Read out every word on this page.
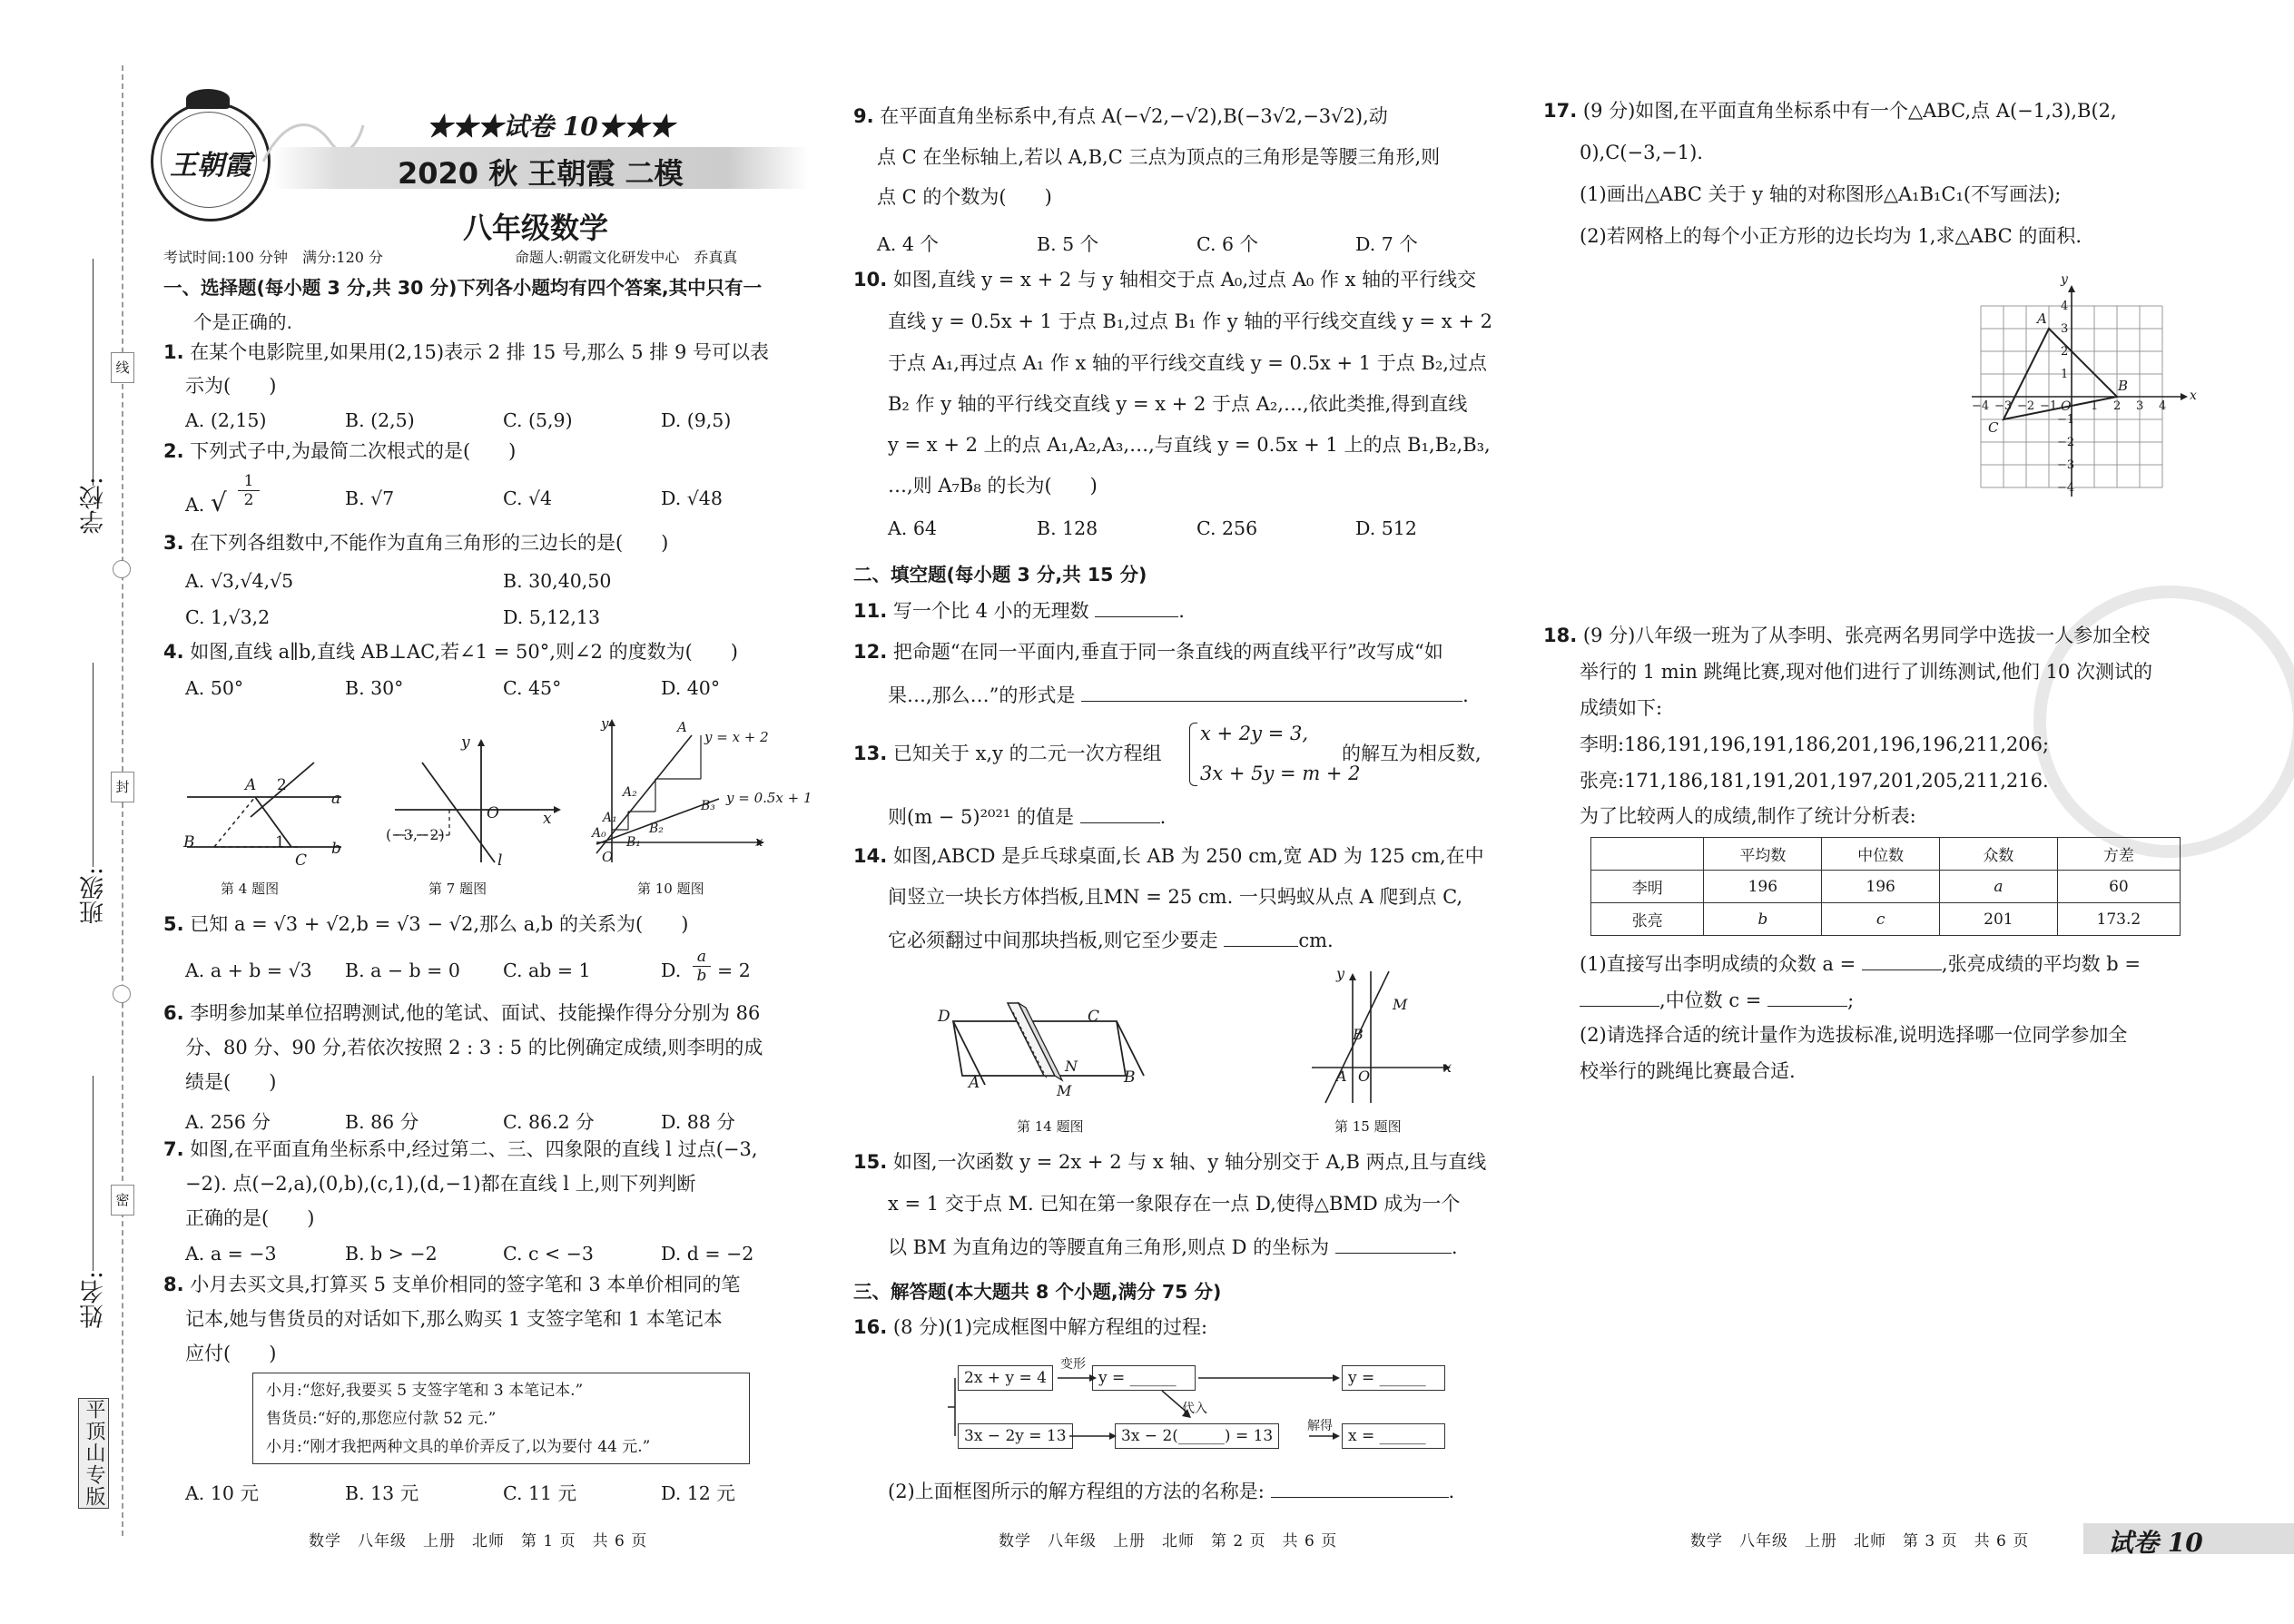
线
封
密
学校:
班级:
姓名:
平顶山专版
王朝霞
★★★试卷 10★★★
2020 秋 王朝霞 二模
八年级数学
考试时间:100 分钟　满分:120 分	命题人:朝霞文化研发中心　乔真真
一、选择题(每小题 3 分,共 30 分)下列各小题均有四个答案,其中只有一
个是正确的.
1. 在某个电影院里,如果用(2,15)表示 2 排 15 号,那么 5 排 9 号可以表
示为(　　)
A. (2,15)	B. (2,5)	C. (5,9)	D. (9,5)
2. 下列式子中,为最简二次根式的是(　　)
A. √
1
2	B. √7	C. √4	D. √48
3. 在下列各组数中,不能作为直角三角形的三边长的是(　　)
A. √3,√4,√5	B. 30,40,50
C. 1,√3,2	D. 5,12,13
4. 如图,直线 a∥b,直线 AB⊥AC,若∠1 = 50°,则∠2 的度数为(　　)
A. 50°	B. 30°	C. 45°	D. 40°
A 2
a
B	1
C
b
第 4 题图
y
x
O
l
(−3,−2)
第 7 题图
y
x
O
A
y = x + 2
y = 0.5x + 1
A₂
A₁
A₀
B₁
B₂
B₃
第 10 题图
5. 已知 a = √3 + √2,b = √3 − √2,那么 a,b 的关系为(　　)
A. a + b = √3 B. a − b = 0 C. ab = 1	D.
a
b = 2
6. 李明参加某单位招聘测试,他的笔试、面试、技能操作得分分别为 86
分、80 分、90 分,若依次按照 2 : 3 : 5 的比例确定成绩,则李明的成
绩是(　　)
A. 256 分	B. 86 分	C. 86.2 分	D. 88 分
7. 如图,在平面直角坐标系中,经过第二、三、四象限的直线 l 过点(−3,
−2). 点(−2,a),(0,b),(c,1),(d,−1)都在直线 l 上,则下列判断
正确的是(　　)
A. a = −3	B. b > −2	C. c < −3	D. d = −2
8. 小月去买文具,打算买 5 支单价相同的签字笔和 3 本单价相同的笔
记本,她与售货员的对话如下,那么购买 1 支签字笔和 1 本笔记本
应付(　　)
小月:“您好,我要买 5 支签字笔和 3 本笔记本.”
售货员:“好的,那您应付款 52 元.”
小月:“刚才我把两种文具的单价弄反了,以为要付 44 元.”
A. 10 元	B. 13 元	C. 11 元	D. 12 元
数学　八年级　上册　北师　第 1 页　共 6 页
9. 在平面直角坐标系中,有点 A(−√2,−√2),B(−3√2,−3√2),动
点 C 在坐标轴上,若以 A,B,C 三点为顶点的三角形是等腰三角形,则
点 C 的个数为(　　)
A. 4 个	B. 5 个	C. 6 个	D. 7 个
10. 如图,直线 y = x + 2 与 y 轴相交于点 A₀,过点 A₀ 作 x 轴的平行线交
直线 y = 0.5x + 1 于点 B₁,过点 B₁ 作 y 轴的平行线交直线 y = x + 2
于点 A₁,再过点 A₁ 作 x 轴的平行线交直线 y = 0.5x + 1 于点 B₂,过点
B₂ 作 y 轴的平行线交直线 y = x + 2 于点 A₂,…,依此类推,得到直线
y = x + 2 上的点 A₁,A₂,A₃,…,与直线 y = 0.5x + 1 上的点 B₁,B₂,B₃,
…,则 A₇B₈ 的长为(　　)
A. 64	B. 128	C. 256	D. 512
二、填空题(每小题 3 分,共 15 分)
11. 写一个比 4 小的无理数	.
12. 把命题“在同一平面内,垂直于同一条直线的两直线平行”改写成“如
果…,那么…”的形式是	.
13. 已知关于 x,y 的二元一次方程组
x + 2y = 3,
3x + 5y = m + 2
的解互为相反数,
则(m − 5)²⁰²¹ 的值是	.
14. 如图,ABCD 是乒乓球桌面,长 AB 为 250 cm,宽 AD 为 125 cm,在中
间竖立一块长方体挡板,且MN = 25 cm. 一只蚂蚁从点 A 爬到点 C,
它必须翻过中间那块挡板,则它至少要走	cm.
D	C
A	B
N
M
第 14 题图
y
x
M
B
A O
第 15 题图
15. 如图,一次函数 y = 2x + 2 与 x 轴、y 轴分别交于 A,B 两点,且与直线
x = 1 交于点 M. 已知在第一象限存在一点 D,使得△BMD 成为一个
以 BM 为直角边的等腰直角三角形,则点 D 的坐标为	.
三、解答题(本大题共 8 个小题,满分 75 分)
16. (8 分)(1)完成框图中解方程组的过程:
2x + y = 4	y = ______	y = ______
3x − 2y = 13	3x − 2(______) = 13	x = ______
变形
代入
解得
(2)上面框图所示的解方程组的方法的名称是:	.
数学　八年级　上册　北师　第 2 页　共 6 页
17. (9 分)如图,在平面直角坐标系中有一个△ABC,点 A(−1,3),B(2,
0),C(−3,−1).
(1)画出△ABC 关于 y 轴的对称图形△A₁B₁C₁(不写画法);
(2)若网格上的每个小正方形的边长均为 1,求△ABC 的面积.
y
x
A
B
C
O
−4 −3 −2 −1	1 2 3 4
4
3
2
1
−1
−2
−3
−4
18. (9 分)八年级一班为了从李明、张亮两名男同学中选拔一人参加全校
举行的 1 min 跳绳比赛,现对他们进行了训练测试,他们 10 次测试的
成绩如下:
李明:186,191,196,191,186,201,196,196,211,206;
张亮:171,186,181,191,201,197,201,205,211,216.
为了比较两人的成绩,制作了统计分析表:
	平均数	中位数	众数	方差
李明	196	196	a	60
张亮	b	c	201	173.2
(1)直接写出李明成绩的众数 a =	,张亮成绩的平均数 b =
,中位数 c =	;
(2)请选择合适的统计量作为选拔标准,说明选择哪一位同学参加全
校举行的跳绳比赛最合适.
数学　八年级　上册　北师　第 3 页　共 6 页	试卷 10
